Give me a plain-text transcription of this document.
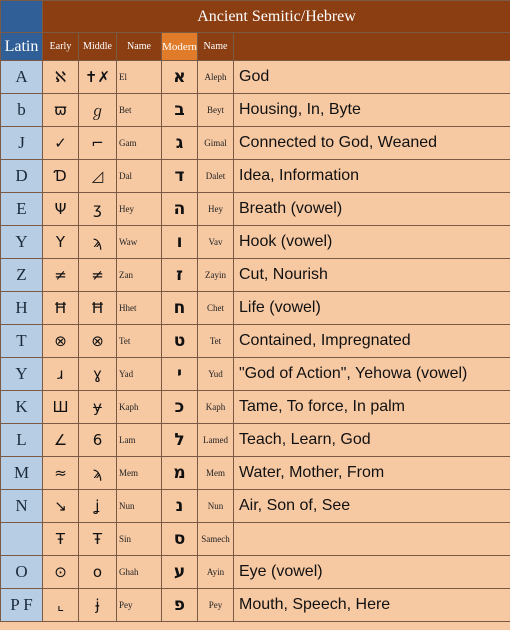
	Ancient Semitic/Hebrew					
Latin	Early	Middle	Name	Modern	Name	
A	ℵ	✝✗	El	א	Aleph	God
b	ϖ	ℊ	Bet	ב	Beyt	Housing, In, Byte
J	✓	⌐	Gam	ג	Gimal	Connected to God, Weaned
D	Ɗ	◿	Dal	ד	Dalet	Idea, Information
E	Ψ	ʒ	Hey	ה	Hey	Breath (vowel)
Y	Y	ϡ	Waw	ו	Vav	Hook (vowel)
Z	≠	≠	Zan	ז	Zayin	Cut, Nourish
H	Ħ	Ħ	Hhet	ח	Chet	Life (vowel)
T	⊗	⊗	Tet	ט	Tet	Contained, Impregnated
Y	ɹ	ɣ	Yad	י	Yud	"God of Action", Yehowa (vowel)
K	Ш	ɏ	Kaph	כ	Kaph	Tame, To force, In palm
L	∠	6	Lam	ל	Lamed	Teach, Learn, God
M	≈	ϡ	Mem	מ	Mem	Water, Mother, From
N	↘	ʝ	Nun	נ	Nun	Air, Son of, See
	Ŧ	Ŧ	Sin	ס	Samech	
O	⊙	o	Ghah	ע	Ayin	Eye (vowel)
P F	⌞	ɉ	Pey	פ	Pey	Mouth, Speech, Here
